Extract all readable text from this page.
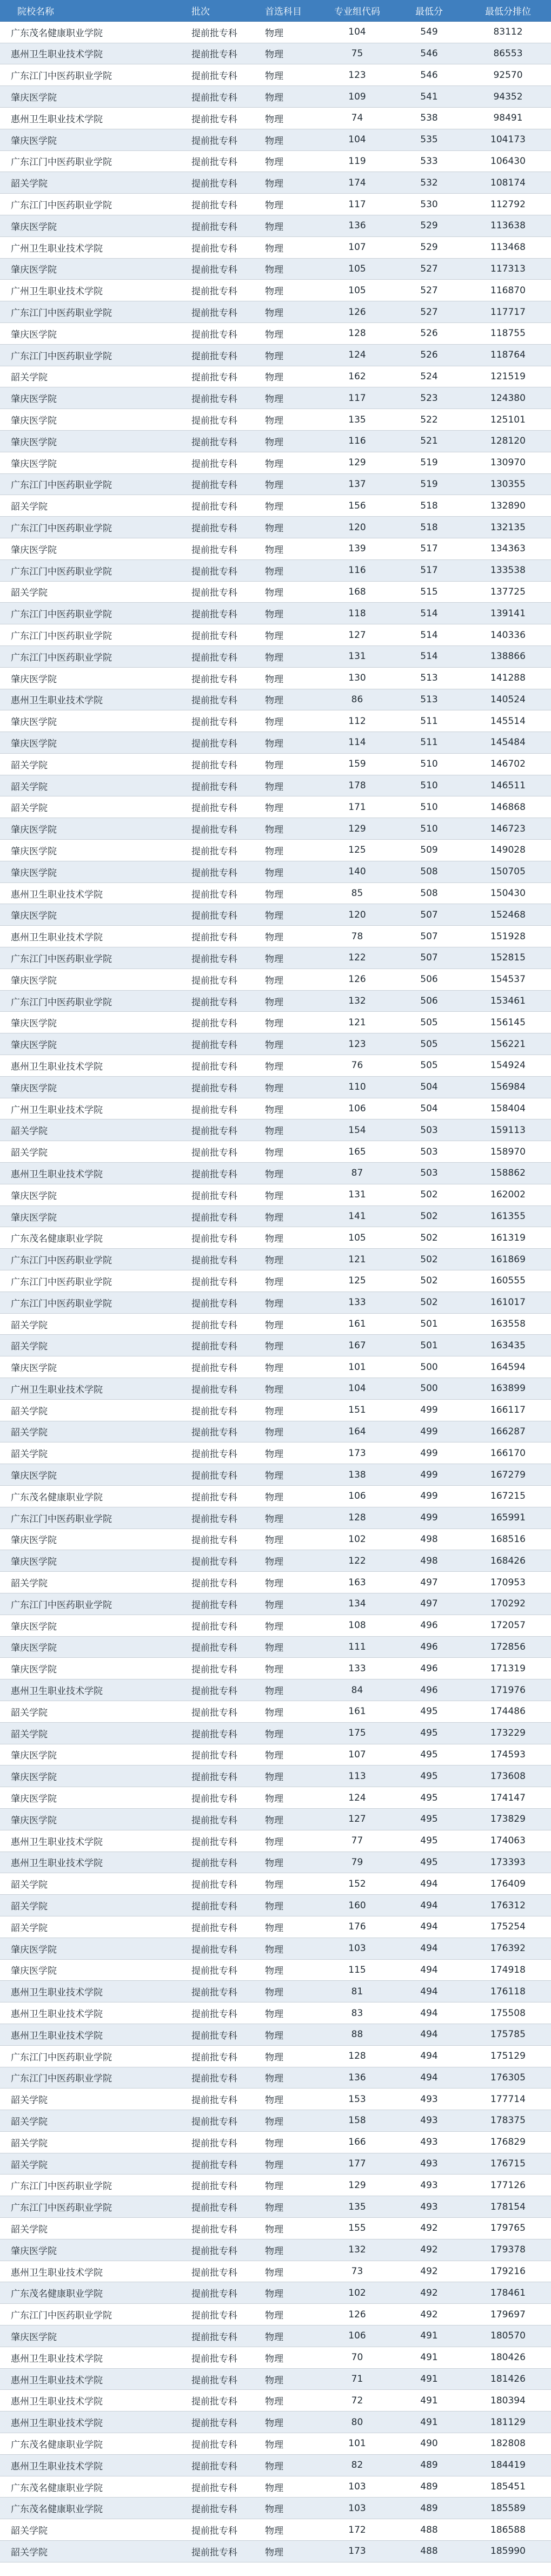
院校名称	批次	首选科目	专业组代码	最低分	最低分排位
广东茂名健康职业学院	提前批专科	物理	104	549	83112
惠州卫生职业技术学院	提前批专科	物理	75	546	86553
广东江门中医药职业学院	提前批专科	物理	123	546	92570
肇庆医学院	提前批专科	物理	109	541	94352
惠州卫生职业技术学院	提前批专科	物理	74	538	98491
肇庆医学院	提前批专科	物理	104	535	104173
广东江门中医药职业学院	提前批专科	物理	119	533	106430
韶关学院	提前批专科	物理	174	532	108174
广东江门中医药职业学院	提前批专科	物理	117	530	112792
肇庆医学院	提前批专科	物理	136	529	113638
广州卫生职业技术学院	提前批专科	物理	107	529	113468
肇庆医学院	提前批专科	物理	105	527	117313
广州卫生职业技术学院	提前批专科	物理	105	527	116870
广东江门中医药职业学院	提前批专科	物理	126	527	117717
肇庆医学院	提前批专科	物理	128	526	118755
广东江门中医药职业学院	提前批专科	物理	124	526	118764
韶关学院	提前批专科	物理	162	524	121519
肇庆医学院	提前批专科	物理	117	523	124380
肇庆医学院	提前批专科	物理	135	522	125101
肇庆医学院	提前批专科	物理	116	521	128120
肇庆医学院	提前批专科	物理	129	519	130970
广东江门中医药职业学院	提前批专科	物理	137	519	130355
韶关学院	提前批专科	物理	156	518	132890
广东江门中医药职业学院	提前批专科	物理	120	518	132135
肇庆医学院	提前批专科	物理	139	517	134363
广东江门中医药职业学院	提前批专科	物理	116	517	133538
韶关学院	提前批专科	物理	168	515	137725
广东江门中医药职业学院	提前批专科	物理	118	514	139141
广东江门中医药职业学院	提前批专科	物理	127	514	140336
广东江门中医药职业学院	提前批专科	物理	131	514	138866
肇庆医学院	提前批专科	物理	130	513	141288
惠州卫生职业技术学院	提前批专科	物理	86	513	140524
肇庆医学院	提前批专科	物理	112	511	145514
肇庆医学院	提前批专科	物理	114	511	145484
韶关学院	提前批专科	物理	159	510	146702
韶关学院	提前批专科	物理	178	510	146511
韶关学院	提前批专科	物理	171	510	146868
肇庆医学院	提前批专科	物理	129	510	146723
肇庆医学院	提前批专科	物理	125	509	149028
肇庆医学院	提前批专科	物理	140	508	150705
惠州卫生职业技术学院	提前批专科	物理	85	508	150430
肇庆医学院	提前批专科	物理	120	507	152468
惠州卫生职业技术学院	提前批专科	物理	78	507	151928
广东江门中医药职业学院	提前批专科	物理	122	507	152815
肇庆医学院	提前批专科	物理	126	506	154537
广东江门中医药职业学院	提前批专科	物理	132	506	153461
肇庆医学院	提前批专科	物理	121	505	156145
肇庆医学院	提前批专科	物理	123	505	156221
惠州卫生职业技术学院	提前批专科	物理	76	505	154924
肇庆医学院	提前批专科	物理	110	504	156984
广州卫生职业技术学院	提前批专科	物理	106	504	158404
韶关学院	提前批专科	物理	154	503	159113
韶关学院	提前批专科	物理	165	503	158970
惠州卫生职业技术学院	提前批专科	物理	87	503	158862
肇庆医学院	提前批专科	物理	131	502	162002
肇庆医学院	提前批专科	物理	141	502	161355
广东茂名健康职业学院	提前批专科	物理	105	502	161319
广东江门中医药职业学院	提前批专科	物理	121	502	161869
广东江门中医药职业学院	提前批专科	物理	125	502	160555
广东江门中医药职业学院	提前批专科	物理	133	502	161017
韶关学院	提前批专科	物理	161	501	163558
韶关学院	提前批专科	物理	167	501	163435
肇庆医学院	提前批专科	物理	101	500	164594
广州卫生职业技术学院	提前批专科	物理	104	500	163899
韶关学院	提前批专科	物理	151	499	166117
韶关学院	提前批专科	物理	164	499	166287
韶关学院	提前批专科	物理	173	499	166170
肇庆医学院	提前批专科	物理	138	499	167279
广东茂名健康职业学院	提前批专科	物理	106	499	167215
广东江门中医药职业学院	提前批专科	物理	128	499	165991
肇庆医学院	提前批专科	物理	102	498	168516
肇庆医学院	提前批专科	物理	122	498	168426
韶关学院	提前批专科	物理	163	497	170953
广东江门中医药职业学院	提前批专科	物理	134	497	170292
肇庆医学院	提前批专科	物理	108	496	172057
肇庆医学院	提前批专科	物理	111	496	172856
肇庆医学院	提前批专科	物理	133	496	171319
惠州卫生职业技术学院	提前批专科	物理	84	496	171976
韶关学院	提前批专科	物理	161	495	174486
韶关学院	提前批专科	物理	175	495	173229
肇庆医学院	提前批专科	物理	107	495	174593
肇庆医学院	提前批专科	物理	113	495	173608
肇庆医学院	提前批专科	物理	124	495	174147
肇庆医学院	提前批专科	物理	127	495	173829
惠州卫生职业技术学院	提前批专科	物理	77	495	174063
惠州卫生职业技术学院	提前批专科	物理	79	495	173393
韶关学院	提前批专科	物理	152	494	176409
韶关学院	提前批专科	物理	160	494	176312
韶关学院	提前批专科	物理	176	494	175254
肇庆医学院	提前批专科	物理	103	494	176392
肇庆医学院	提前批专科	物理	115	494	174918
惠州卫生职业技术学院	提前批专科	物理	81	494	176118
惠州卫生职业技术学院	提前批专科	物理	83	494	175508
惠州卫生职业技术学院	提前批专科	物理	88	494	175785
广东江门中医药职业学院	提前批专科	物理	128	494	175129
广东江门中医药职业学院	提前批专科	物理	136	494	176305
韶关学院	提前批专科	物理	153	493	177714
韶关学院	提前批专科	物理	158	493	178375
韶关学院	提前批专科	物理	166	493	176829
韶关学院	提前批专科	物理	177	493	176715
广东江门中医药职业学院	提前批专科	物理	129	493	177126
广东江门中医药职业学院	提前批专科	物理	135	493	178154
韶关学院	提前批专科	物理	155	492	179765
肇庆医学院	提前批专科	物理	132	492	179378
惠州卫生职业技术学院	提前批专科	物理	73	492	179216
广东茂名健康职业学院	提前批专科	物理	102	492	178461
广东江门中医药职业学院	提前批专科	物理	126	492	179697
肇庆医学院	提前批专科	物理	106	491	180570
惠州卫生职业技术学院	提前批专科	物理	70	491	180426
惠州卫生职业技术学院	提前批专科	物理	71	491	181426
惠州卫生职业技术学院	提前批专科	物理	72	491	180394
惠州卫生职业技术学院	提前批专科	物理	80	491	181129
广东茂名健康职业学院	提前批专科	物理	101	490	182808
惠州卫生职业技术学院	提前批专科	物理	82	489	184419
广东茂名健康职业学院	提前批专科	物理	103	489	185451
广东茂名健康职业学院	提前批专科	物理	103	489	185589
韶关学院	提前批专科	物理	172	488	186588
韶关学院	提前批专科	物理	173	488	185990
